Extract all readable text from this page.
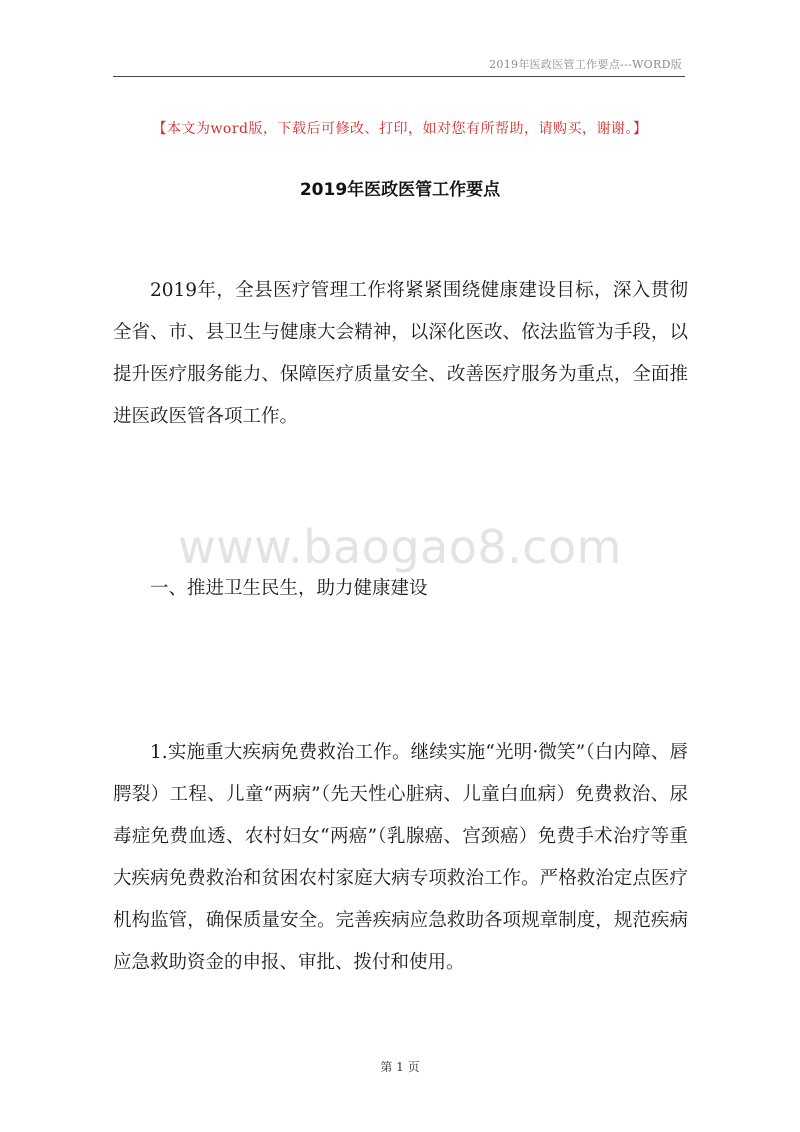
2019年医政医管工作要点---WORD版
【本文为word版，下载后可修改、打印，如对您有所帮助，请购买，谢谢。】
2019年医政医管工作要点

2019年，全县医疗管理工作将紧紧围绕健康建设目标，深入贯彻全省、市、县卫生与健康大会精神，以深化医改、依法监管为手段，以提升医疗服务能力、保障医疗质量安全、改善医疗服务为重点，全面推进医政医管各项工作。

www.baogao8.com
一、推进卫生民生，助力健康建设

1.实施重大疾病免费救治工作。继续实施“光明·微笑”（白内障、唇腭裂）工程、儿童“两病”（先天性心脏病、儿童白血病）免费救治、尿毒症免费血透、农村妇女“两癌”（乳腺癌、宫颈癌）免费手术治疗等重大疾病免费救治和贫困农村家庭大病专项救治工作。严格救治定点医疗机构监管，确保质量安全。完善疾病应急救助各项规章制度，规范疾病应急救助资金的申报、审批、拨付和使用。

第 1 页
